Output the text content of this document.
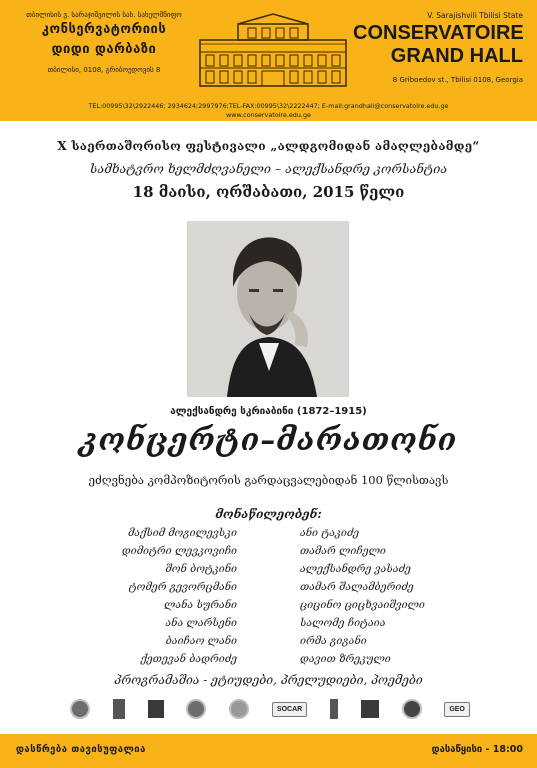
თბილისის ვ. სარაჯიშვილის სახ. სახელმწიფო
კონსერვატორიის
დიდი დარბაზი
თბილისი, 0108, გრიბოედოვის 8
V. Sarajishvili Tbilisi State
CONSERVATOIRE
GRAND HALL
8 Griboedov st., Tbilisi 0108, Georgia
TEL:00995\32\2922446; 2934624;2997976;TEL-FAX:00995\32\2222447; E-mail:grandhall@conservatoire.edu.ge
www.conservatoire.edu.ge
X საერთაშორისო ფესტივალი „ალდგომიდან ამაღლებამდე“
სამხატვრო ხელმძღვანელი – ალექსანდრე კორსანტია
18 მაისი, ორშაბათი, 2015 წელი
ალექსანდრე სკრიაბინი (1872–1915)
კონცერტი–მარათონი
ეძღვნება კომპოზიტორის გარდაცვალებიდან 100 წლისთავს
მონაწილეობენ:
მაქსიმ მოგილევსკი	ანი ტაკიძე
დიმიტრი ლევკოვიჩი	თამარ ლიჩელი
შონ ბოტკინი	ალექსანდრე ვასაძე
ტომერ გევორცმანი	თამარ შალამბერიძე
ლანა სურანი	ციცინო ციცხვაიშვილი
ანა ლარსენი	სალომე ჩიტაია
ბაიჩაო ლანი	ირმა გიგანი
ქეთევან ბადრიძე	დავით ზრეკული
პროგრამაშია - ეტიუდები, პრელუდიები, პოემები
SOCAR	GEO
დასწრება თავისუფალია	დასაწყისი - 18:00
